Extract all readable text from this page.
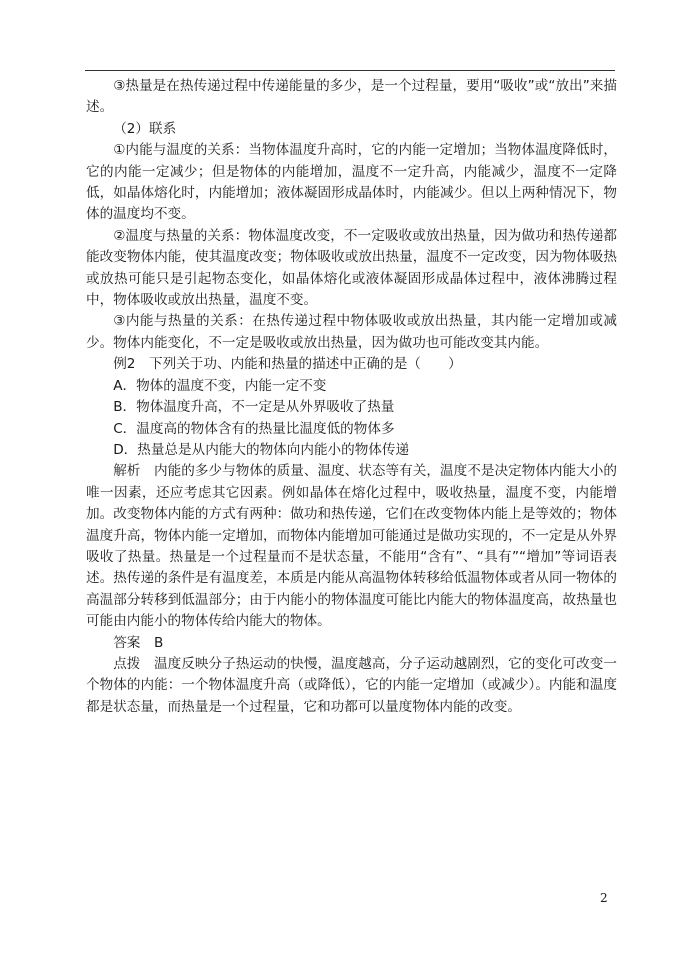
③热量是在热传递过程中传递能量的多少，是一个过程量，要用“吸收”或“放出”来描述。

（2）联系

①内能与温度的关系：当物体温度升高时，它的内能一定增加；当物体温度降低时，它的内能一定减少；但是物体的内能增加，温度不一定升高，内能减少，温度不一定降低，如晶体熔化时，内能增加；液体凝固形成晶体时，内能减少。但以上两种情况下，物体的温度均不变。

②温度与热量的关系：物体温度改变，不一定吸收或放出热量，因为做功和热传递都能改变物体内能，使其温度改变；物体吸收或放出热量，温度不一定改变，因为物体吸热或放热可能只是引起物态变化，如晶体熔化或液体凝固形成晶体过程中，液体沸腾过程中，物体吸收或放出热量，温度不变。

③内能与热量的关系：在热传递过程中物体吸收或放出热量，其内能一定增加或减少。物体内能变化，不一定是吸收或放出热量，因为做功也可能改变其内能。

例2　下列关于功、内能和热量的描述中正确的是（　　）

A．物体的温度不变，内能一定不变

B．物体温度升高，不一定是从外界吸收了热量

C．温度高的物体含有的热量比温度低的物体多

D．热量总是从内能大的物体向内能小的物体传递

解析　内能的多少与物体的质量、温度、状态等有关，温度不是决定物体内能大小的唯一因素，还应考虑其它因素。例如晶体在熔化过程中，吸收热量，温度不变，内能增加。改变物体内能的方式有两种：做功和热传递，它们在改变物体内能上是等效的；物体温度升高，物体内能一定增加，而物体内能增加可能通过是做功实现的，不一定是从外界吸收了热量。热量是一个过程量而不是状态量，不能用“含有”、“具有”“增加”等词语表述。热传递的条件是有温度差，本质是内能从高温物体转移给低温物体或者从同一物体的高温部分转移到低温部分；由于内能小的物体温度可能比内能大的物体温度高，故热量也可能由内能小的物体传给内能大的物体。

答案　B

点拨　温度反映分子热运动的快慢，温度越高，分子运动越剧烈，它的变化可改变一个物体的内能：一个物体温度升高（或降低），它的内能一定增加（或减少）。内能和温度都是状态量，而热量是一个过程量，它和功都可以量度物体内能的改变。

2
